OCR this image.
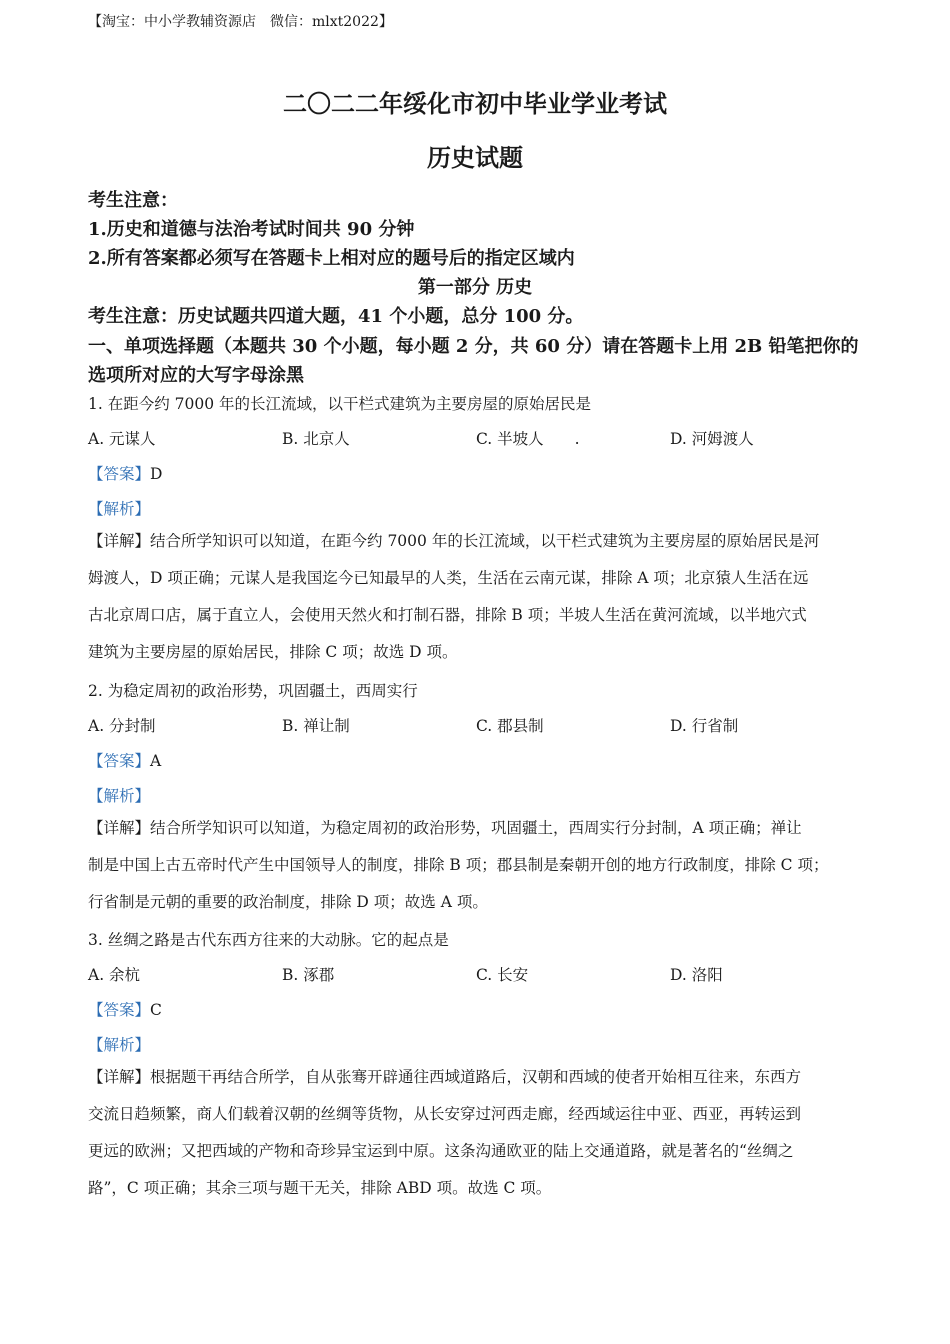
【淘宝：中小学教辅资源店　微信：mlxt2022】
二〇二二年绥化市初中毕业学业考试
历史试题
考生注意：
1.历史和道德与法治考试时间共 90 分钟
2.所有答案都必须写在答题卡上相对应的题号后的指定区域内
第一部分 历史
考生注意：历史试题共四道大题，41 个小题，总分 100 分。
一、单项选择题（本题共 30 个小题，每小题 2 分，共 60 分）请在答题卡上用 2B 铅笔把你的
选项所对应的大写字母涂黑
1. 在距今约 7000 年的长江流域，以干栏式建筑为主要房屋的原始居民是
A. 元谋人	B. 北京人	C. 半坡人　　.	D. 河姆渡人
【答案】D
【解析】
【详解】结合所学知识可以知道，在距今约 7000 年的长江流域，以干栏式建筑为主要房屋的原始居民是河
姆渡人，D 项正确；元谋人是我国迄今已知最早的人类，生活在云南元谋，排除 A 项；北京猿人生活在远
古北京周口店，属于直立人，会使用天然火和打制石器，排除 B 项；半坡人生活在黄河流域，以半地穴式
建筑为主要房屋的原始居民，排除 C 项；故选 D 项。
2. 为稳定周初的政治形势，巩固疆土，西周实行
A. 分封制	B. 禅让制	C. 郡县制	D. 行省制
【答案】A
【解析】
【详解】结合所学知识可以知道，为稳定周初的政治形势，巩固疆土，西周实行分封制，A 项正确；禅让
制是中国上古五帝时代产生中国领导人的制度，排除 B 项；郡县制是秦朝开创的地方行政制度，排除 C 项；
行省制是元朝的重要的政治制度，排除 D 项；故选 A 项。
3. 丝绸之路是古代东西方往来的大动脉。它的起点是
A. 余杭	B. 涿郡	C. 长安	D. 洛阳
【答案】C
【解析】
【详解】根据题干再结合所学，自从张骞开辟通往西域道路后，汉朝和西域的使者开始相互往来，东西方
交流日趋频繁，商人们载着汉朝的丝绸等货物，从长安穿过河西走廊，经西域运往中亚、西亚，再转运到
更远的欧洲；又把西域的产物和奇珍异宝运到中原。这条沟通欧亚的陆上交通道路，就是著名的“丝绸之
路”，C 项正确；其余三项与题干无关，排除 ABD 项。故选 C 项。
